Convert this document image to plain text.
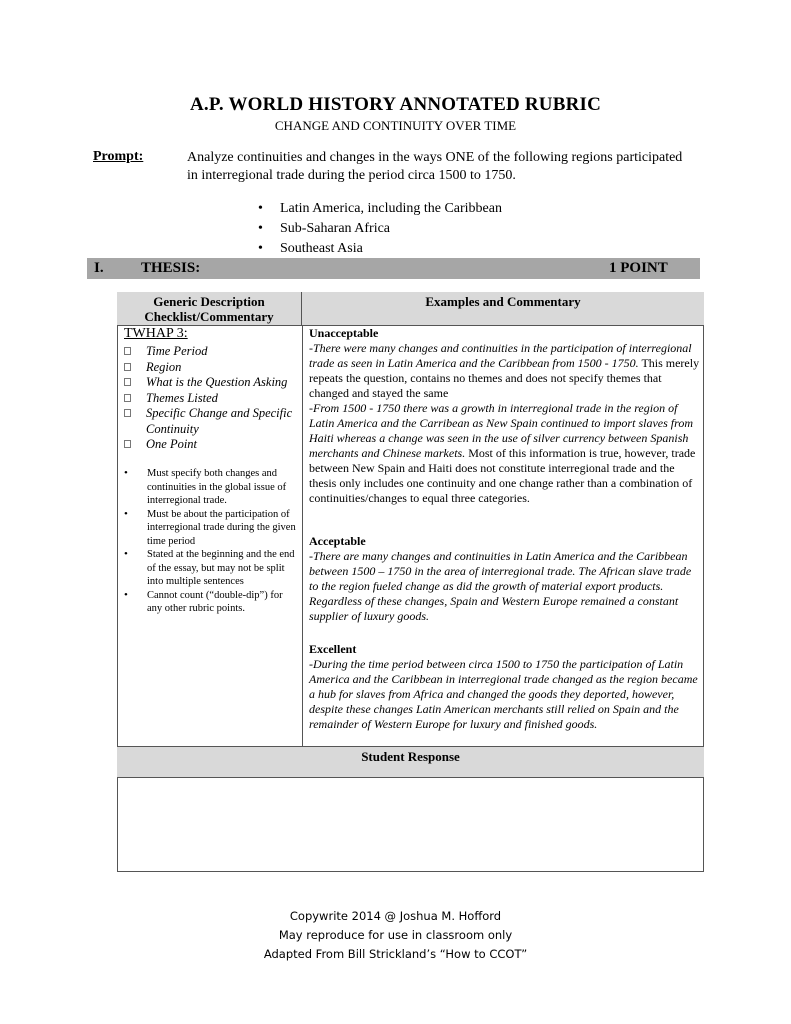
A.P. WORLD HISTORY ANNOTATED RUBRIC
CHANGE AND CONTINUITY OVER TIME
Prompt:	Analyze continuities and changes in the ways ONE of the following regions participated
in interregional trade during the period circa 1500 to 1750.
• Latin America, including the Caribbean
• Sub-Saharan Africa
• Southeast Asia
I. THESIS:	1 POINT
Generic Description
Checklist/Commentary
Examples and Commentary
TWHAP 3:
Time Period
Region
What is the Question Asking
Themes Listed
Specific Change and Specific Continuity
One Point
• Must specify both changes and continuities in the global issue of interregional trade.
• Must be about the participation of interregional trade during the given time period
• Stated at the beginning and the end of the essay, but may not be split into multiple sentences
• Cannot count (“double-dip”) for any other rubric points.
Unacceptable
-There were many changes and continuities in the participation of interregional trade as seen in Latin America and the Caribbean from 1500 - 1750. This merely repeats the question, contains no themes and does not specify themes that changed and stayed the same
-From 1500 - 1750 there was a growth in interregional trade in the region of Latin America and the Carribean as New Spain continued to import slaves from Haiti whereas a change was seen in the use of silver currency between Spanish merchants and Chinese markets. Most of this information is true, however, trade between New Spain and Haiti does not constitute interregional trade and the thesis only includes one continuity and one change rather than a combination of continuities/changes to equal three categories.
Acceptable
-There are many changes and continuities in Latin America and the Caribbean between 1500 – 1750 in the area of interregional trade. The African slave trade to the region fueled change as did the growth of material export products. Regardless of these changes, Spain and Western Europe remained a constant supplier of luxury goods.
Excellent
-During the time period between circa 1500 to 1750 the participation of Latin America and the Caribbean in interregional trade changed as the region became a hub for slaves from Africa and changed the goods they deported, however, despite these changes Latin American merchants still relied on Spain and the remainder of Western Europe for luxury and finished goods.
Student Response
Copywrite 2014 @ Joshua M. Hofford
May reproduce for use in classroom only
Adapted From Bill Strickland’s “How to CCOT”
